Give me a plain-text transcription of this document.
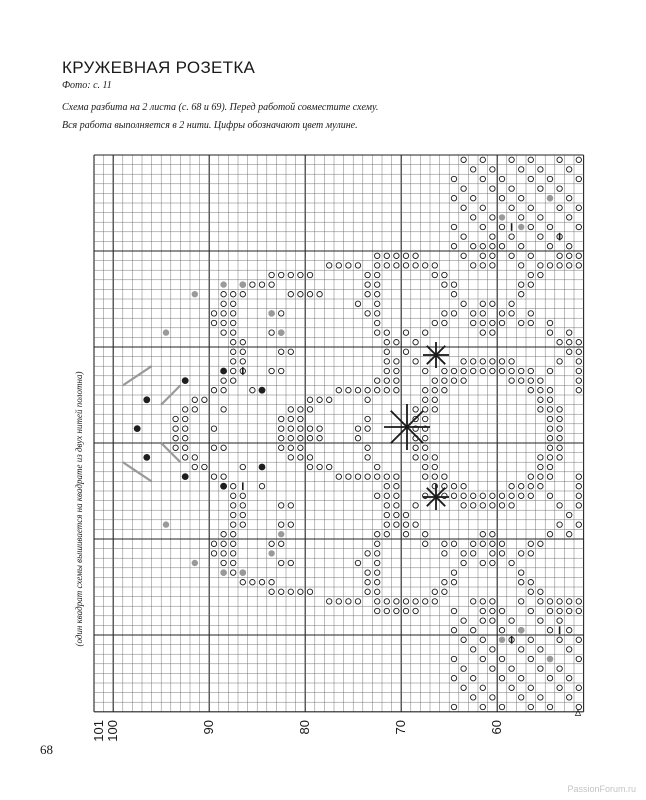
КРУЖЕВНАЯ РОЗЕТКА
Фото: с. 11
Схема разбита на 2 листа (с. 68 и 69). Перед работой совместите схему.
Вся работа выполняется в 2 нити. Цифры обозначают цвет мулине.
(один квадрат схемы вышивается на квадрате из двух нитей полотна)
101 100	90	80	70	60
▵
68
PassionForum.ru
